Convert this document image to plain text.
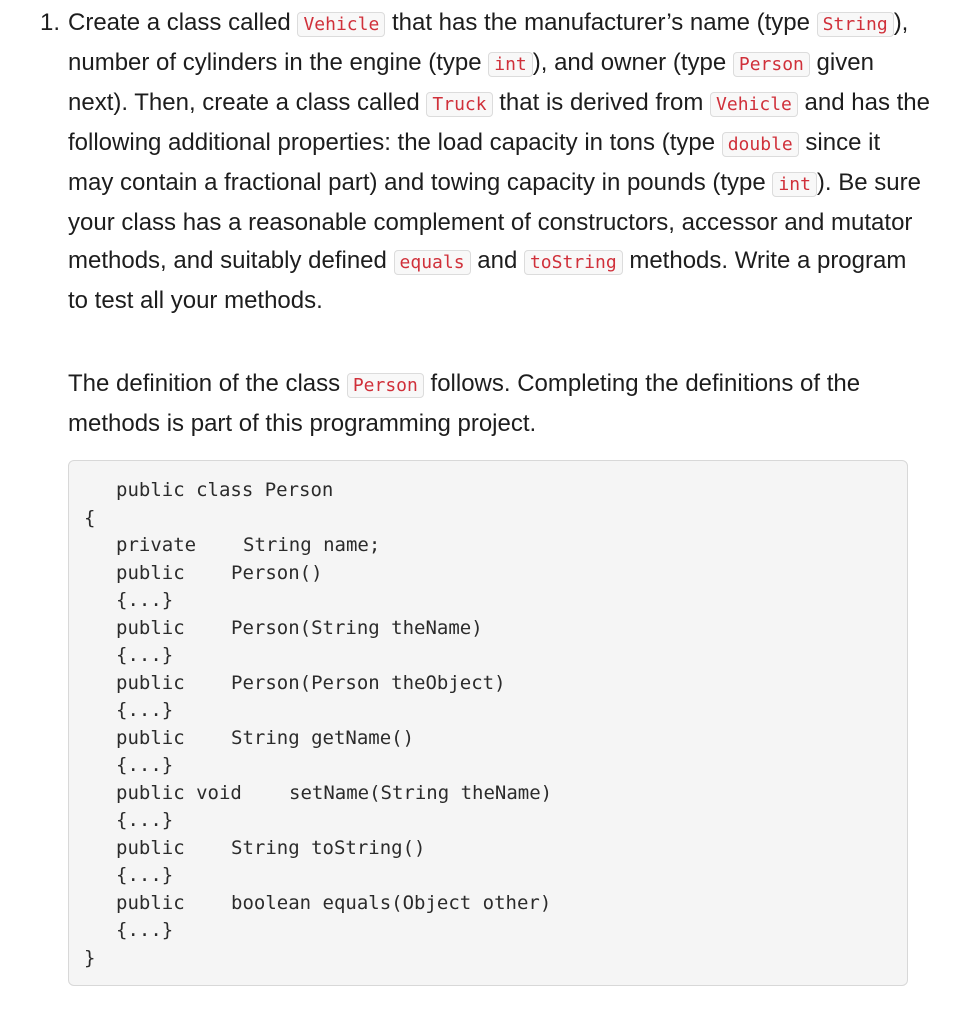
1. Create a class called Vehicle that has the manufacturer’s name (type String ), number of cylinders in the engine (type int ), and owner (type Person given next). Then, create a class called Truck that is derived from Vehicle and has the following additional properties: the load capacity in tons (type double since it may contain a fractional part) and towing capacity in pounds (type int ). Be sure your class has a reasonable complement of constructors, accessor and mutator methods, and suitably defined equals and toString methods. Write a program to test all your methods.
The definition of the class Person follows. Completing the definitions of the methods is part of this programming project.
public class Person
{
private String name;
public Person()
{...}
public Person(String theName)
{...}
public Person(Person theObject)
{...}
public String getName()
{...}
public void setName(String theName)
{...}
public String toString()
{...}
public boolean equals(Object other)
{...}
}
